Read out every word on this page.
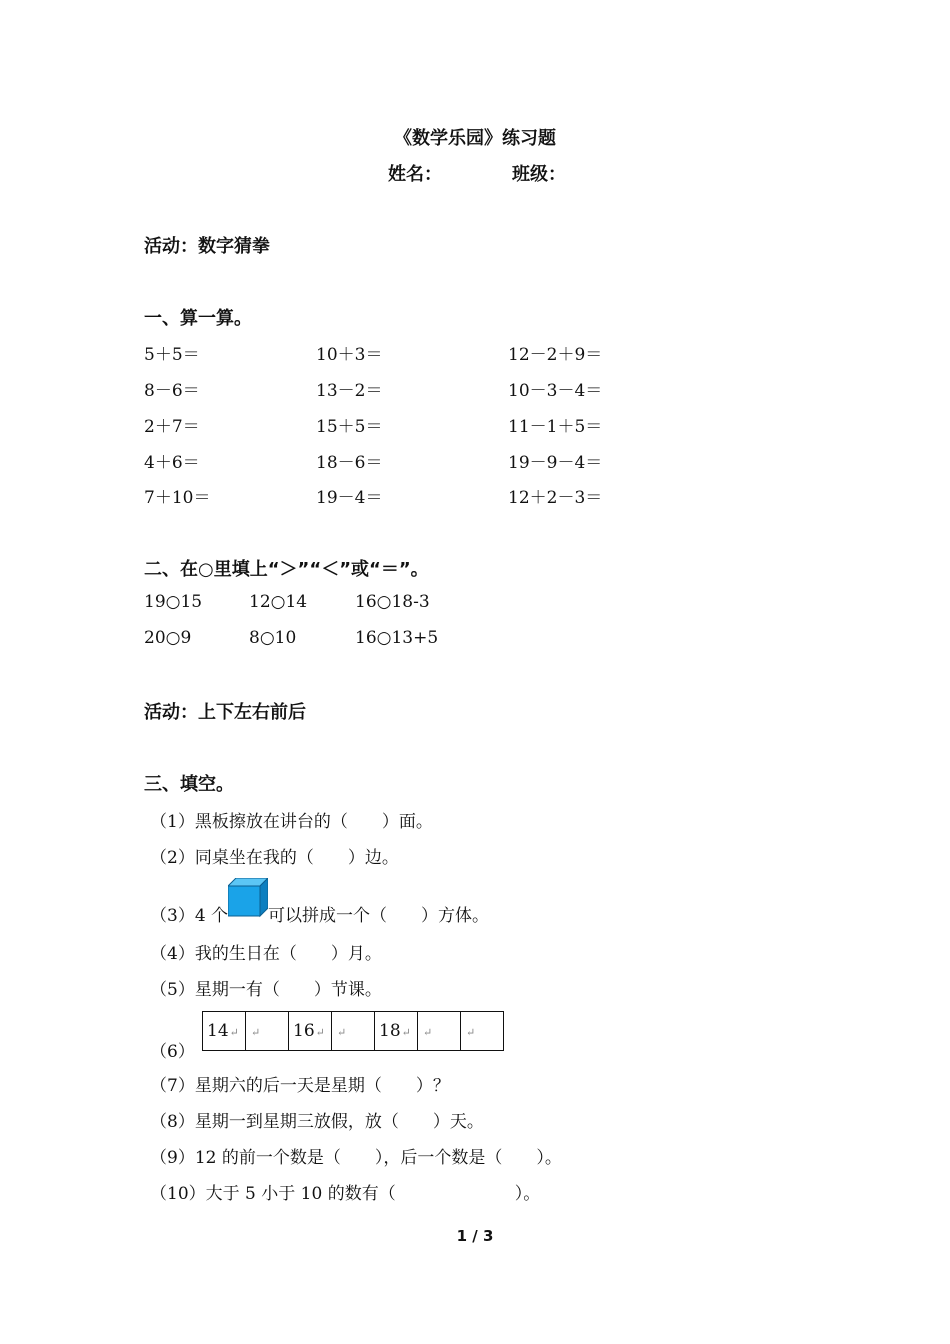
《数学乐园》练习题
姓名：	班级：
活动：数字猜拳
一、算一算。
5＋5＝	10＋3＝	12－2＋9＝
8－6＝	13－2＝	10－3－4＝
2＋7＝	15＋5＝	11－1＋5＝
4＋6＝	18－6＝	19－9－4＝
7＋10＝	19－4＝	12＋2－3＝
二、在○里填上“＞”“＜”或“＝”。
19○15	12○14	16○18-3
20○9	8○10	16○13+5
活动：上下左右前后
三、填空。
（1）黑板擦放在讲台的（　　）面。
（2）同桌坐在我的（　　）边。
（3）4 个 可以拼成一个（　　）方体。
（4）我的生日在（　　）月。
（5）星期一有（　　）节课。
（6）
14↵	↵	16↵	↵	18↵	↵	↵
（7）星期六的后一天是星期（　　）？
（8）星期一到星期三放假，放（　　）天。
（9）12 的前一个数是（　　），后一个数是（　　）。
（10）大于 5 小于 10 的数有（　　　　　　　）。
1 / 3
